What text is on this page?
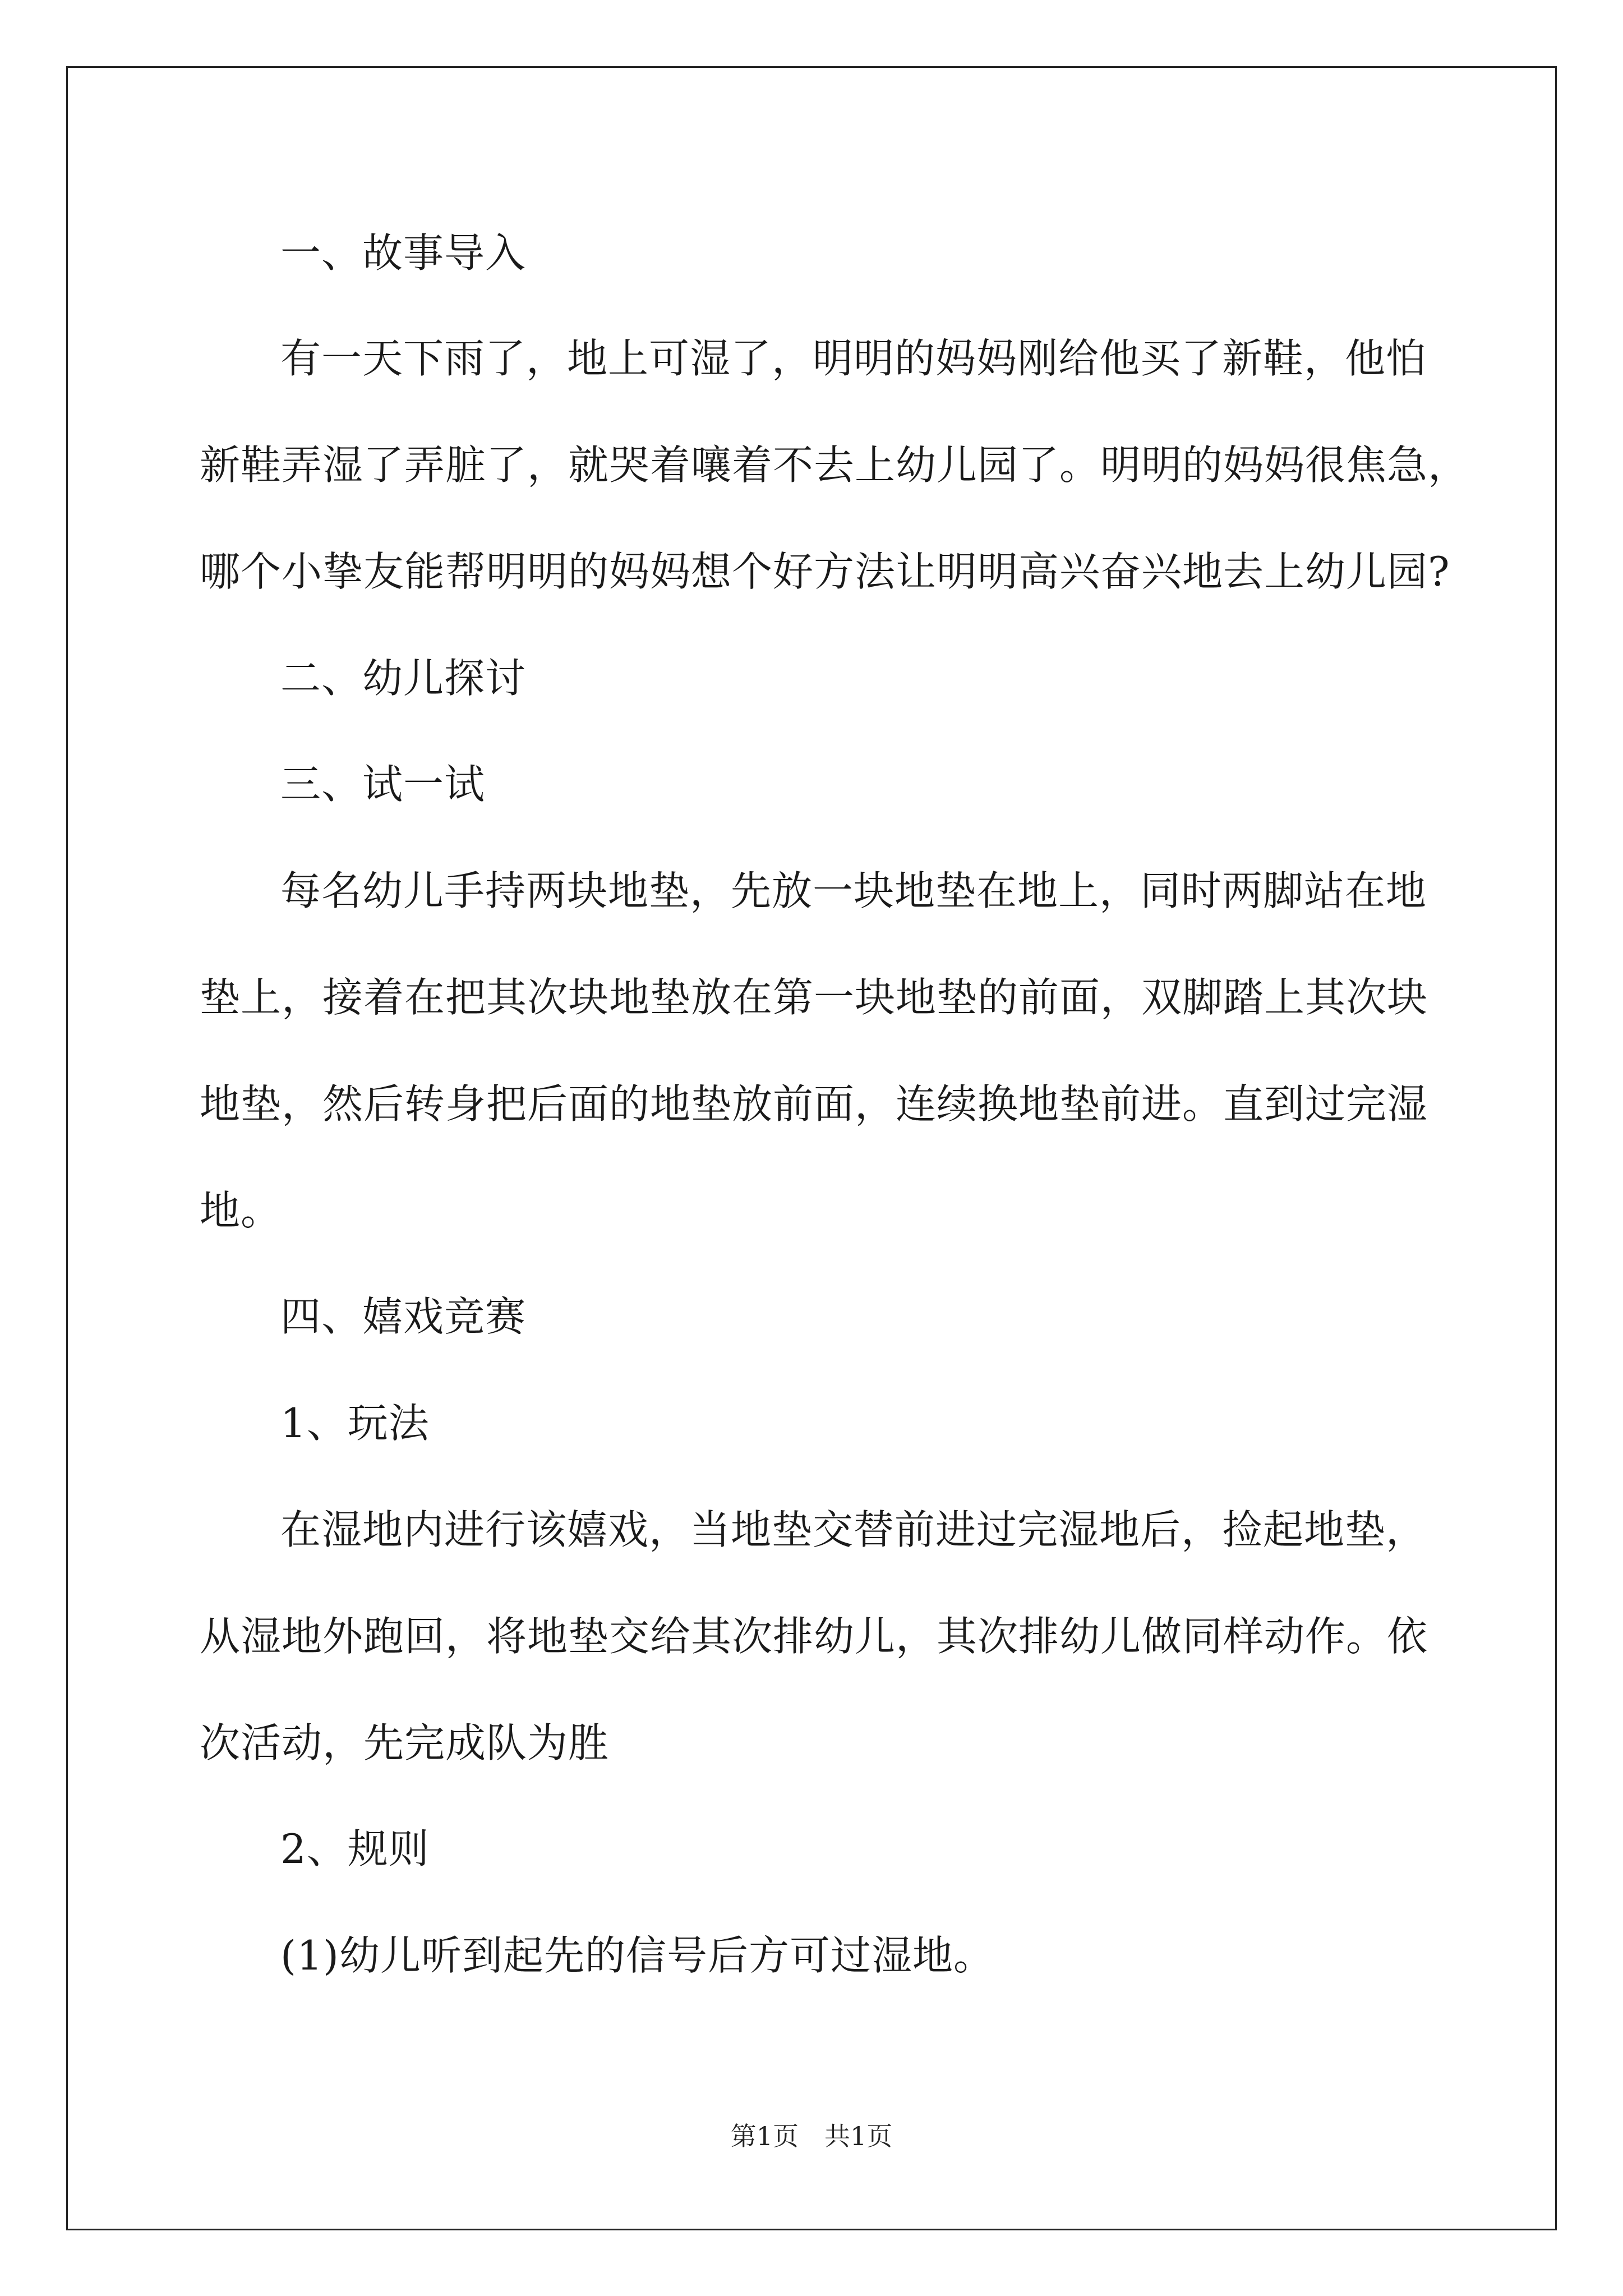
一、故事导入
有一天下雨了，地上可湿了，明明的妈妈刚给他买了新鞋，他怕
新鞋弄湿了弄脏了，就哭着嚷着不去上幼儿园了。明明的妈妈很焦急，
哪个小挚友能帮明明的妈妈想个好方法让明明高兴奋兴地去上幼儿园?
二、幼儿探讨
三、试一试
每名幼儿手持两块地垫，先放一块地垫在地上，同时两脚站在地
垫上，接着在把其次块地垫放在第一块地垫的前面，双脚踏上其次块
地垫，然后转身把后面的地垫放前面，连续换地垫前进。直到过完湿
地。
四、嬉戏竞赛
1、玩法
在湿地内进行该嬉戏，当地垫交替前进过完湿地后，捡起地垫，
从湿地外跑回，将地垫交给其次排幼儿，其次排幼儿做同样动作。依
次活动，先完成队为胜
2、规则
(1)幼儿听到起先的信号后方可过湿地。
第1页　共1页
